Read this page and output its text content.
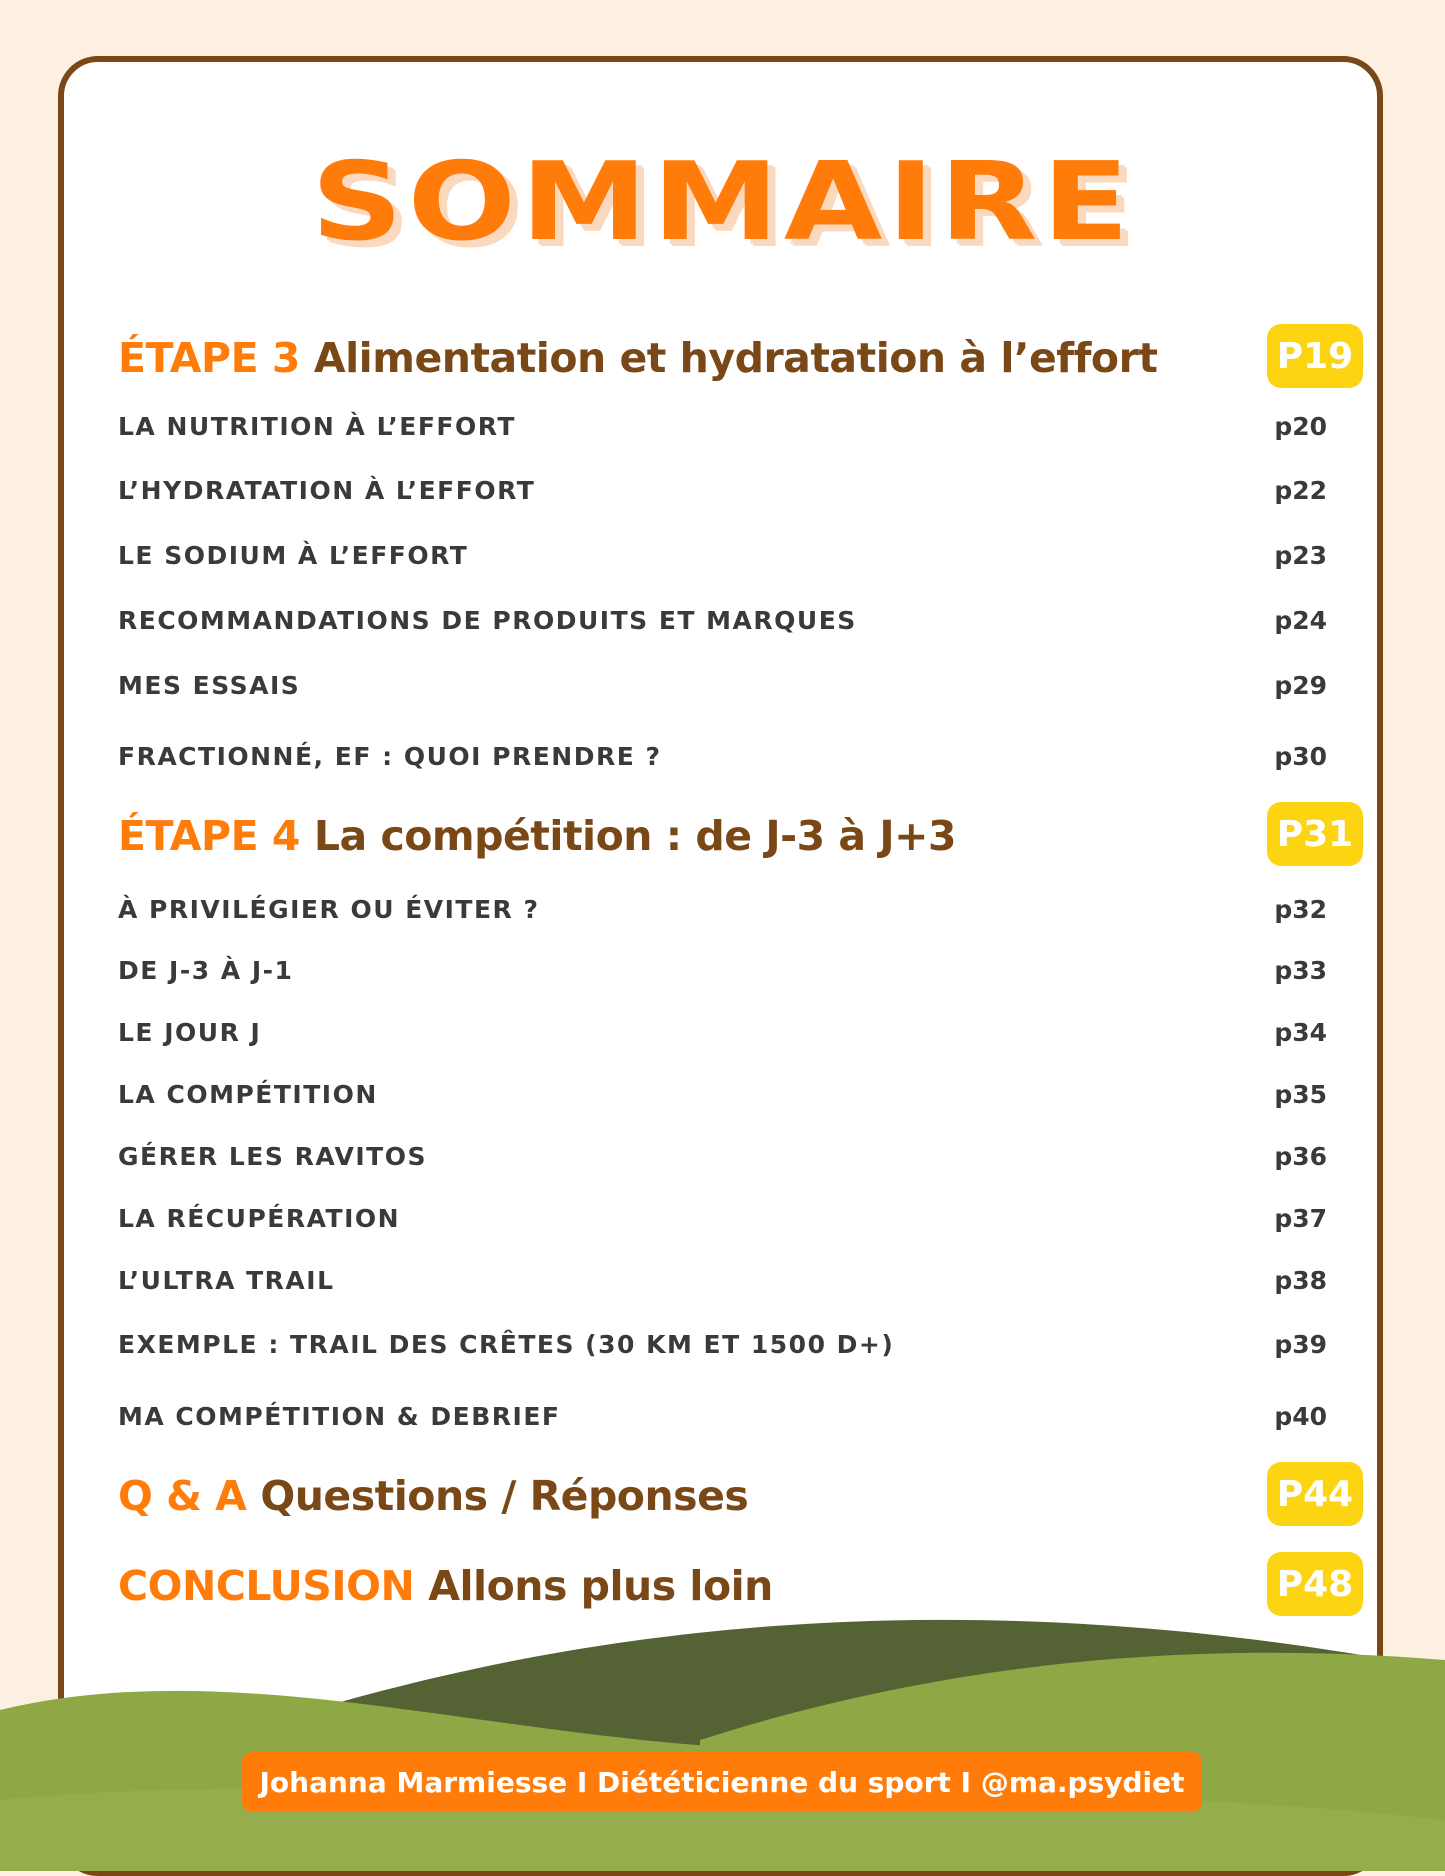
SOMMAIRE
ÉTAPE 3 Alimentation et hydratation à l’effort	P19
LA NUTRITION À L’EFFORT	p20
L’HYDRATATION À L’EFFORT	p22
LE SODIUM À L’EFFORT	p23
RECOMMANDATIONS DE PRODUITS ET MARQUES	p24
MES ESSAIS	p29
FRACTIONNÉ, EF : QUOI PRENDRE ?	p30
ÉTAPE 4 La compétition : de J-3 à J+3	P31
À PRIVILÉGIER OU ÉVITER ?	p32
DE J-3 À J-1	p33
LE JOUR J	p34
LA COMPÉTITION	p35
GÉRER LES RAVITOS	p36
LA RÉCUPÉRATION	p37
L’ULTRA TRAIL	p38
EXEMPLE : TRAIL DES CRÊTES (30 KM ET 1500 D+)	p39
MA COMPÉTITION & DEBRIEF	p40
Q & A Questions / Réponses	P44
CONCLUSION Allons plus loin	P48
Johanna Marmiesse I Diététicienne du sport I @ma.psydiet
